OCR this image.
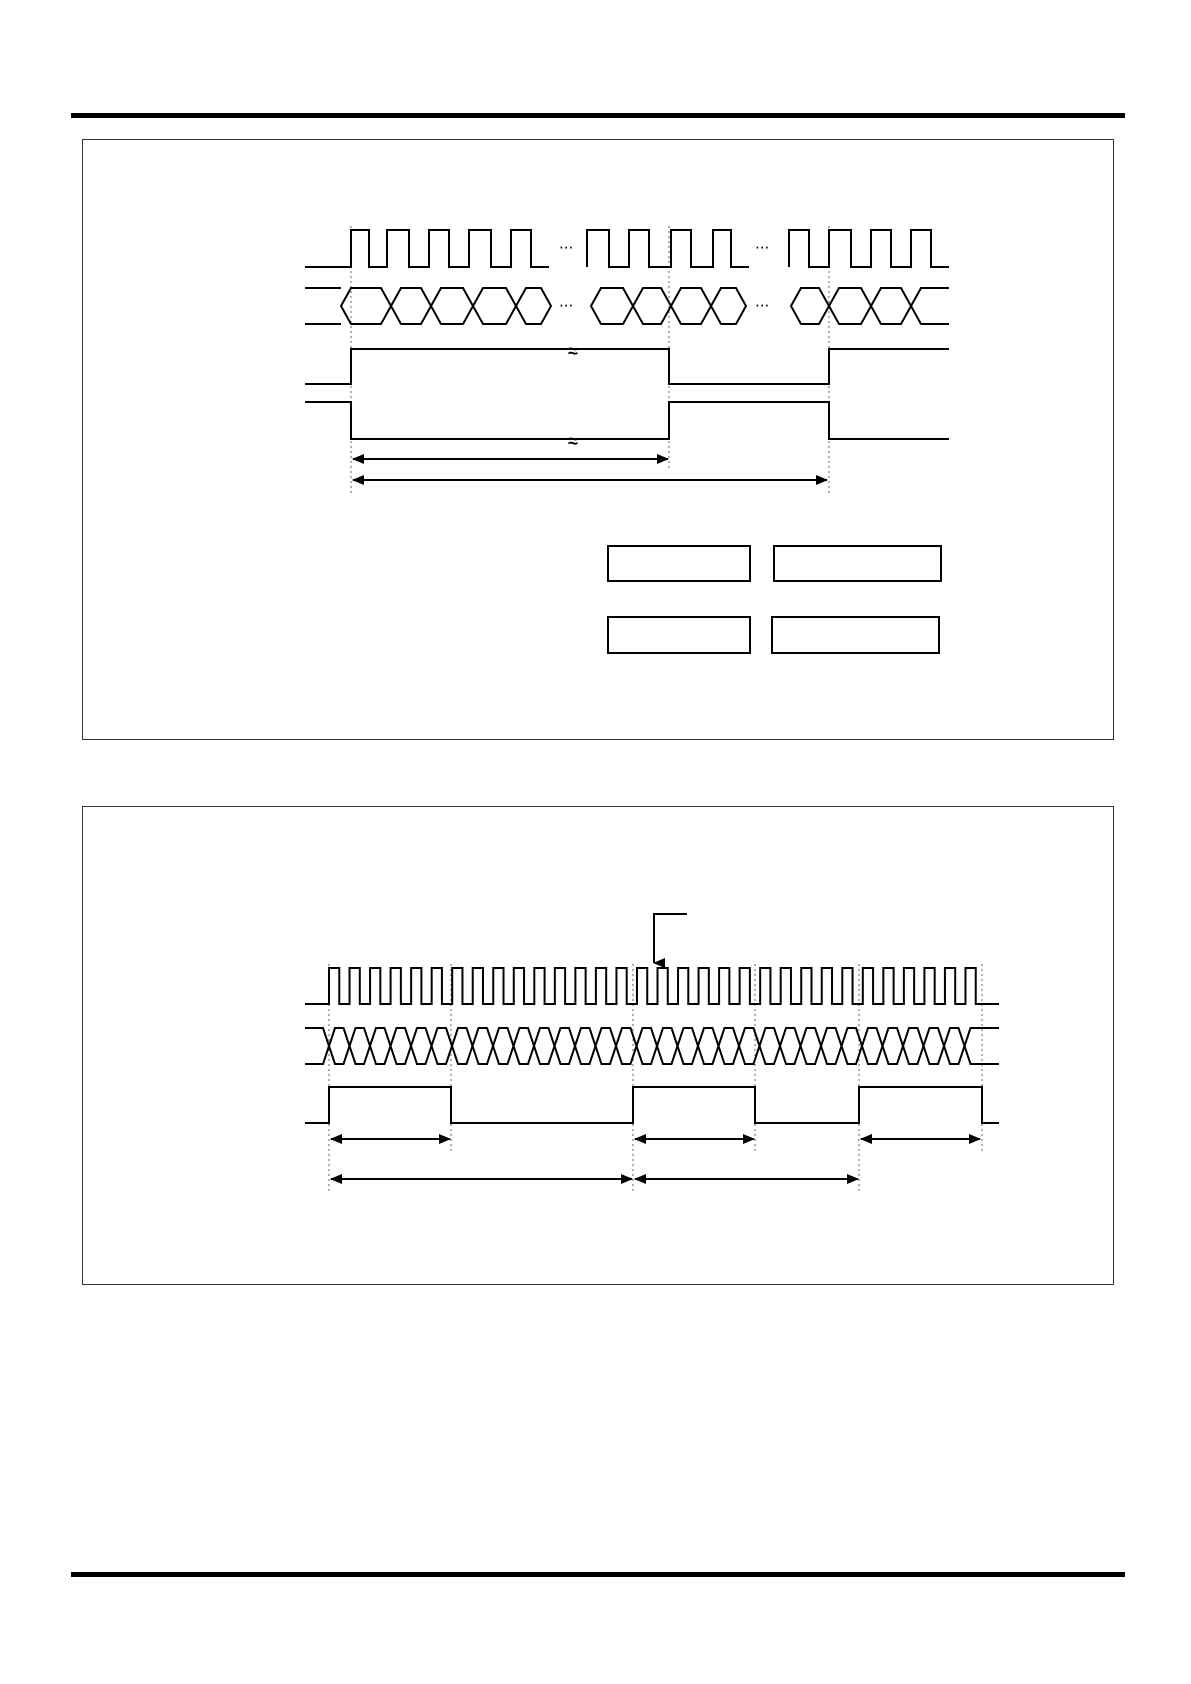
···	···
···	···
≈
≈
